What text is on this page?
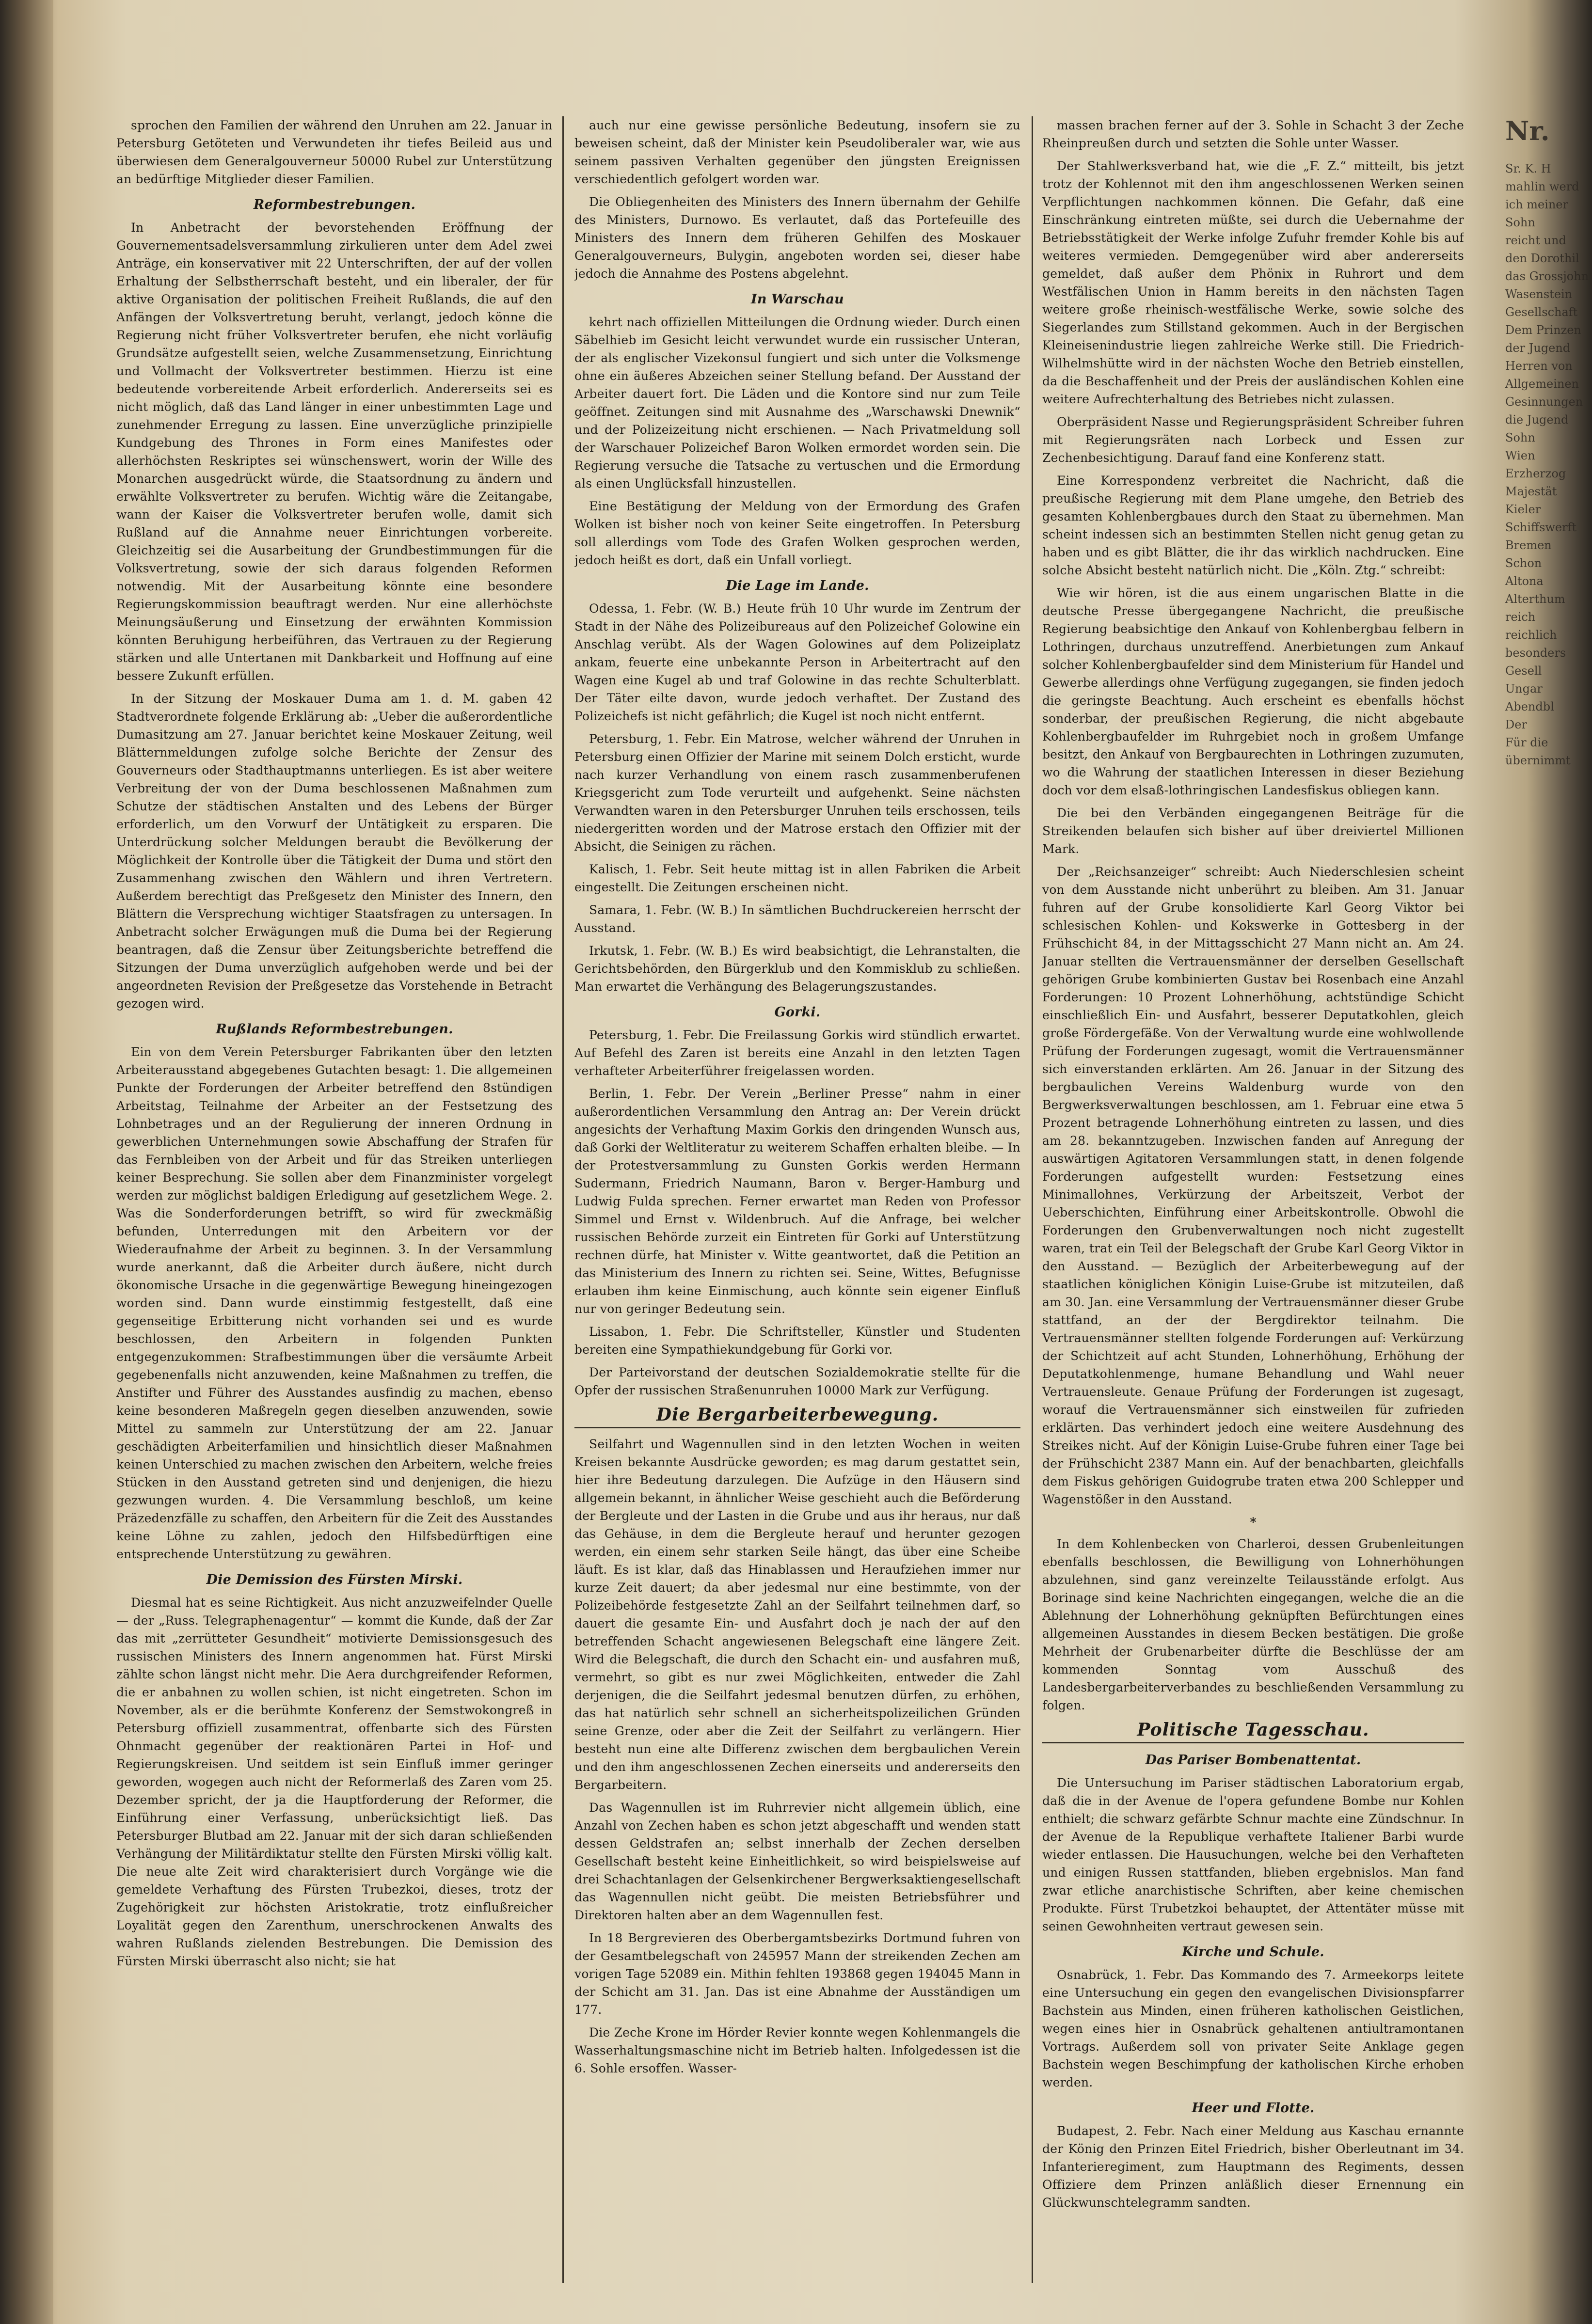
sprochen den Familien der während den Unruhen am 22. Januar in Petersburg Getöteten und Verwundeten ihr tiefes Beileid aus und überwiesen dem Generalgouverneur 50000 Rubel zur Unterstützung an bedürftige Mitglieder dieser Familien.

Reformbestrebungen.

In Anbetracht der bevorstehenden Eröffnung der Gouvernementsadelsversammlung zirkulieren unter dem Adel zwei Anträge, ein konservativer mit 22 Unterschriften, der auf der vollen Erhaltung der Selbstherrschaft besteht, und ein liberaler, der für aktive Organisation der politischen Freiheit Rußlands, die auf den Anfängen der Volksvertretung beruht, verlangt, jedoch könne die Regierung nicht früher Volksvertreter berufen, ehe nicht vorläufig Grundsätze aufgestellt seien, welche Zusammensetzung, Einrichtung und Vollmacht der Volksvertreter bestimmen. Hierzu ist eine bedeutende vorbereitende Arbeit erforderlich. Andererseits sei es nicht möglich, daß das Land länger in einer unbestimmten Lage und zunehmender Erregung zu lassen. Eine unverzügliche prinzipielle Kundgebung des Thrones in Form eines Manifestes oder allerhöchsten Reskriptes sei wünschenswert, worin der Wille des Monarchen ausgedrückt würde, die Staatsordnung zu ändern und erwählte Volksvertreter zu berufen. Wichtig wäre die Zeitangabe, wann der Kaiser die Volksvertreter berufen wolle, damit sich Rußland auf die Annahme neuer Einrichtungen vorbereite. Gleichzeitig sei die Ausarbeitung der Grundbestimmungen für die Volksvertretung, sowie der sich daraus folgenden Reformen notwendig. Mit der Ausarbeitung könnte eine besondere Regierungskommission beauftragt werden. Nur eine allerhöchste Meinungsäußerung und Einsetzung der erwähnten Kommission könnten Beruhigung herbeiführen, das Vertrauen zu der Regierung stärken und alle Untertanen mit Dankbarkeit und Hoffnung auf eine bessere Zukunft erfüllen.

In der Sitzung der Moskauer Duma am 1. d. M. gaben 42 Stadtverordnete folgende Erklärung ab: „Ueber die außerordentliche Dumasitzung am 27. Januar berichtet keine Moskauer Zeitung, weil Blätternmeldungen zufolge solche Berichte der Zensur des Gouverneurs oder Stadthauptmanns unterliegen. Es ist aber weitere Verbreitung der von der Duma beschlossenen Maßnahmen zum Schutze der städtischen Anstalten und des Lebens der Bürger erforderlich, um den Vorwurf der Untätigkeit zu ersparen. Die Unterdrückung solcher Meldungen beraubt die Bevölkerung der Möglichkeit der Kontrolle über die Tätigkeit der Duma und stört den Zusammenhang zwischen den Wählern und ihren Vertretern. Außerdem berechtigt das Preßgesetz den Minister des Innern, den Blättern die Versprechung wichtiger Staatsfragen zu untersagen. In Anbetracht solcher Erwägungen muß die Duma bei der Regierung beantragen, daß die Zensur über Zeitungsberichte betreffend die Sitzungen der Duma unverzüglich aufgehoben werde und bei der angeordneten Revision der Preßgesetze das Vorstehende in Betracht gezogen wird.

Rußlands Reformbestrebungen.

Ein von dem Verein Petersburger Fabrikanten über den letzten Arbeiterausstand abgegebenes Gutachten besagt: 1. Die allgemeinen Punkte der Forderungen der Arbeiter betreffend den 8stündigen Arbeitstag, Teilnahme der Arbeiter an der Festsetzung des Lohnbetrages und an der Regulierung der inneren Ordnung in gewerblichen Unternehmungen sowie Abschaffung der Strafen für das Fernbleiben von der Arbeit und für das Streiken unterliegen keiner Besprechung. Sie sollen aber dem Finanzminister vorgelegt werden zur möglichst baldigen Erledigung auf gesetzlichem Wege. 2. Was die Sonderforderungen betrifft, so wird für zweckmäßig befunden, Unterredungen mit den Arbeitern vor der Wiederaufnahme der Arbeit zu beginnen. 3. In der Versammlung wurde anerkannt, daß die Arbeiter durch äußere, nicht durch ökonomische Ursache in die gegenwärtige Bewegung hineingezogen worden sind. Dann wurde einstimmig festgestellt, daß eine gegenseitige Erbitterung nicht vorhanden sei und es wurde beschlossen, den Arbeitern in folgenden Punkten entgegenzukommen: Strafbestimmungen über die versäumte Arbeit gegebenenfalls nicht anzuwenden, keine Maßnahmen zu treffen, die Anstifter und Führer des Ausstandes ausfindig zu machen, ebenso keine besonderen Maßregeln gegen dieselben anzuwenden, sowie Mittel zu sammeln zur Unterstützung der am 22. Januar geschädigten Arbeiterfamilien und hinsichtlich dieser Maßnahmen keinen Unterschied zu machen zwischen den Arbeitern, welche freies Stücken in den Ausstand getreten sind und denjenigen, die hiezu gezwungen wurden. 4. Die Versammlung beschloß, um keine Präzedenzfälle zu schaffen, den Arbeitern für die Zeit des Ausstandes keine Löhne zu zahlen, jedoch den Hilfsbedürftigen eine entsprechende Unterstützung zu gewähren.

Die Demission des Fürsten Mirski.

Diesmal hat es seine Richtigkeit. Aus nicht anzuzweifelnder Quelle — der „Russ. Telegraphenagentur“ — kommt die Kunde, daß der Zar das mit „zerrütteter Gesundheit“ motivierte Demissionsgesuch des russischen Ministers des Innern angenommen hat. Fürst Mirski zählte schon längst nicht mehr. Die Aera durchgreifender Reformen, die er anbahnen zu wollen schien, ist nicht eingetreten. Schon im November, als er die berühmte Konferenz der Semstwokongreß in Petersburg offiziell zusammentrat, offenbarte sich des Fürsten Ohnmacht gegenüber der reaktionären Partei in Hof- und Regierungskreisen. Und seitdem ist sein Einfluß immer geringer geworden, wogegen auch nicht der Reformerlaß des Zaren vom 25. Dezember spricht, der ja die Hauptforderung der Reformer, die Einführung einer Verfassung, unberücksichtigt ließ. Das Petersburger Blutbad am 22. Januar mit der sich daran schließenden Verhängung der Militärdiktatur stellte den Fürsten Mirski völlig kalt. Die neue alte Zeit wird charakterisiert durch Vorgänge wie die gemeldete Verhaftung des Fürsten Trubezkoi, dieses, trotz der Zugehörigkeit zur höchsten Aristokratie, trotz einflußreicher Loyalität gegen den Zarenthum, unerschrockenen Anwalts des wahren Rußlands zielenden Bestrebungen. Die Demission des Fürsten Mirski überrascht also nicht; sie hat

auch nur eine gewisse persönliche Bedeutung, insofern sie zu beweisen scheint, daß der Minister kein Pseudoliberaler war, wie aus seinem passiven Verhalten gegenüber den jüngsten Ereignissen verschiedentlich gefolgert worden war.

Die Obliegenheiten des Ministers des Innern übernahm der Gehilfe des Ministers, Durnowo. Es verlautet, daß das Portefeuille des Ministers des Innern dem früheren Gehilfen des Moskauer Generalgouverneurs, Bulygin, angeboten worden sei, dieser habe jedoch die Annahme des Postens abgelehnt.

In Warschau

kehrt nach offiziellen Mitteilungen die Ordnung wieder. Durch einen Säbelhieb im Gesicht leicht verwundet wurde ein russischer Unteran, der als englischer Vizekonsul fungiert und sich unter die Volksmenge ohne ein äußeres Abzeichen seiner Stellung befand. Der Ausstand der Arbeiter dauert fort. Die Läden und die Kontore sind nur zum Teile geöffnet. Zeitungen sind mit Ausnahme des „Warschawski Dnewnik“ und der Polizeizeitung nicht erschienen. — Nach Privatmeldung soll der Warschauer Polizeichef Baron Wolken ermordet worden sein. Die Regierung versuche die Tatsache zu vertuschen und die Ermordung als einen Unglücksfall hinzustellen.

Eine Bestätigung der Meldung von der Ermordung des Grafen Wolken ist bisher noch von keiner Seite eingetroffen. In Petersburg soll allerdings vom Tode des Grafen Wolken gesprochen werden, jedoch heißt es dort, daß ein Unfall vorliegt.

Die Lage im Lande.

Odessa, 1. Febr. (W. B.) Heute früh 10 Uhr wurde im Zentrum der Stadt in der Nähe des Polizeibureaus auf den Polizeichef Golowine ein Anschlag verübt. Als der Wagen Golowines auf dem Polizeiplatz ankam, feuerte eine unbekannte Person in Arbeitertracht auf den Wagen eine Kugel ab und traf Golowine in das rechte Schulterblatt. Der Täter eilte davon, wurde jedoch verhaftet. Der Zustand des Polizeichefs ist nicht gefährlich; die Kugel ist noch nicht entfernt.

Petersburg, 1. Febr. Ein Matrose, welcher während der Unruhen in Petersburg einen Offizier der Marine mit seinem Dolch ersticht, wurde nach kurzer Verhandlung von einem rasch zusammenberufenen Kriegsgericht zum Tode verurteilt und aufgehenkt. Seine nächsten Verwandten waren in den Petersburger Unruhen teils erschossen, teils niedergeritten worden und der Matrose erstach den Offizier mit der Absicht, die Seinigen zu rächen.

Kalisch, 1. Febr. Seit heute mittag ist in allen Fabriken die Arbeit eingestellt. Die Zeitungen erscheinen nicht.

Samara, 1. Febr. (W. B.) In sämtlichen Buchdruckereien herrscht der Ausstand.

Irkutsk, 1. Febr. (W. B.) Es wird beabsichtigt, die Lehranstalten, die Gerichtsbehörden, den Bürgerklub und den Kommisklub zu schließen. Man erwartet die Verhängung des Belagerungszustandes.

Gorki.

Petersburg, 1. Febr. Die Freilassung Gorkis wird stündlich erwartet. Auf Befehl des Zaren ist bereits eine Anzahl in den letzten Tagen verhafteter Arbeiterführer freigelassen worden.

Berlin, 1. Febr. Der Verein „Berliner Presse“ nahm in einer außerordentlichen Versammlung den Antrag an: Der Verein drückt angesichts der Verhaftung Maxim Gorkis den dringenden Wunsch aus, daß Gorki der Weltliteratur zu weiterem Schaffen erhalten bleibe. — In der Protestversammlung zu Gunsten Gorkis werden Hermann Sudermann, Friedrich Naumann, Baron v. Berger-Hamburg und Ludwig Fulda sprechen. Ferner erwartet man Reden von Professor Simmel und Ernst v. Wildenbruch. Auf die Anfrage, bei welcher russischen Behörde zurzeit ein Eintreten für Gorki auf Unterstützung rechnen dürfe, hat Minister v. Witte geantwortet, daß die Petition an das Ministerium des Innern zu richten sei. Seine, Wittes, Befugnisse erlauben ihm keine Einmischung, auch könnte sein eigener Einfluß nur von geringer Bedeutung sein.

Lissabon, 1. Febr. Die Schriftsteller, Künstler und Studenten bereiten eine Sympathiekundgebung für Gorki vor.

Der Parteivorstand der deutschen Sozialdemokratie stellte für die Opfer der russischen Straßenunruhen 10000 Mark zur Verfügung.

Die Bergarbeiterbewegung.

Seilfahrt und Wagennullen sind in den letzten Wochen in weiten Kreisen bekannte Ausdrücke geworden; es mag darum gestattet sein, hier ihre Bedeutung darzulegen. Die Aufzüge in den Häusern sind allgemein bekannt, in ähnlicher Weise geschieht auch die Beförderung der Bergleute und der Lasten in die Grube und aus ihr heraus, nur daß das Gehäuse, in dem die Bergleute herauf und herunter gezogen werden, ein einem sehr starken Seile hängt, das über eine Scheibe läuft. Es ist klar, daß das Hinablassen und Heraufziehen immer nur kurze Zeit dauert; da aber jedesmal nur eine bestimmte, von der Polizeibehörde festgesetzte Zahl an der Seilfahrt teilnehmen darf, so dauert die gesamte Ein- und Ausfahrt doch je nach der auf den betreffenden Schacht angewiesenen Belegschaft eine längere Zeit. Wird die Belegschaft, die durch den Schacht ein- und ausfahren muß, vermehrt, so gibt es nur zwei Möglichkeiten, entweder die Zahl derjenigen, die die Seilfahrt jedesmal benutzen dürfen, zu erhöhen, das hat natürlich sehr schnell an sicherheitspolizeilichen Gründen seine Grenze, oder aber die Zeit der Seilfahrt zu verlängern. Hier besteht nun eine alte Differenz zwischen dem bergbaulichen Verein und den ihm angeschlossenen Zechen einerseits und andererseits den Bergarbeitern.

Das Wagennullen ist im Ruhrrevier nicht allgemein üblich, eine Anzahl von Zechen haben es schon jetzt abgeschafft und wenden statt dessen Geldstrafen an; selbst innerhalb der Zechen derselben Gesellschaft besteht keine Einheitlichkeit, so wird beispielsweise auf drei Schachtanlagen der Gelsenkirchener Bergwerksaktiengesellschaft das Wagennullen nicht geübt. Die meisten Betriebsführer und Direktoren halten aber an dem Wagennullen fest.

In 18 Bergrevieren des Oberbergamtsbezirks Dortmund fuhren von der Gesamtbelegschaft von 245957 Mann der streikenden Zechen am vorigen Tage 52089 ein. Mithin fehlten 193868 gegen 194045 Mann in der Schicht am 31. Jan. Das ist eine Abnahme der Ausständigen um 177.

Die Zeche Krone im Hörder Revier konnte wegen Kohlenmangels die Wasserhaltungsmaschine nicht im Betrieb halten. Infolgedessen ist die 6. Sohle ersoffen. Wasser-

massen brachen ferner auf der 3. Sohle in Schacht 3 der Zeche Rheinpreußen durch und setzten die Sohle unter Wasser.

Der Stahlwerksverband hat, wie die „F. Z.“ mitteilt, bis jetzt trotz der Kohlennot mit den ihm angeschlossenen Werken seinen Verpflichtungen nachkommen können. Die Gefahr, daß eine Einschränkung eintreten müßte, sei durch die Uebernahme der Betriebsstätigkeit der Werke infolge Zufuhr fremder Kohle bis auf weiteres vermieden. Demgegenüber wird aber andererseits gemeldet, daß außer dem Phönix in Ruhrort und dem Westfälischen Union in Hamm bereits in den nächsten Tagen weitere große rheinisch-westfälische Werke, sowie solche des Siegerlandes zum Stillstand gekommen. Auch in der Bergischen Kleineisenindustrie liegen zahlreiche Werke still. Die Friedrich-Wilhelmshütte wird in der nächsten Woche den Betrieb einstellen, da die Beschaffenheit und der Preis der ausländischen Kohlen eine weitere Aufrechterhaltung des Betriebes nicht zulassen.

Oberpräsident Nasse und Regierungspräsident Schreiber fuhren mit Regierungsräten nach Lorbeck und Essen zur Zechenbesichtigung. Darauf fand eine Konferenz statt.

Eine Korrespondenz verbreitet die Nachricht, daß die preußische Regierung mit dem Plane umgehe, den Betrieb des gesamten Kohlenbergbaues durch den Staat zu übernehmen. Man scheint indessen sich an bestimmten Stellen nicht genug getan zu haben und es gibt Blätter, die ihr das wirklich nachdrucken. Eine solche Absicht besteht natürlich nicht. Die „Köln. Ztg.“ schreibt:

Wie wir hören, ist die aus einem ungarischen Blatte in die deutsche Presse übergegangene Nachricht, die preußische Regierung beabsichtige den Ankauf von Kohlenbergbau felbern in Lothringen, durchaus unzutreffend. Anerbietungen zum Ankauf solcher Kohlenbergbaufelder sind dem Ministerium für Handel und Gewerbe allerdings ohne Verfügung zugegangen, sie finden jedoch die geringste Beachtung. Auch erscheint es ebenfalls höchst sonderbar, der preußischen Regierung, die nicht abgebaute Kohlenbergbaufelder im Ruhrgebiet noch in großem Umfange besitzt, den Ankauf von Bergbaurechten in Lothringen zuzumuten, wo die Wahrung der staatlichen Interessen in dieser Beziehung doch vor dem elsaß-lothringischen Landesfiskus obliegen kann.

Die bei den Verbänden eingegangenen Beiträge für die Streikenden belaufen sich bisher auf über dreiviertel Millionen Mark.

Der „Reichsanzeiger“ schreibt: Auch Niederschlesien scheint von dem Ausstande nicht unberührt zu bleiben. Am 31. Januar fuhren auf der Grube konsolidierte Karl Georg Viktor bei schlesischen Kohlen- und Kokswerke in Gottesberg in der Frühschicht 84, in der Mittagsschicht 27 Mann nicht an. Am 24. Januar stellten die Vertrauensmänner der derselben Gesellschaft gehörigen Grube kombinierten Gustav bei Rosenbach eine Anzahl Forderungen: 10 Prozent Lohnerhöhung, achtstündige Schicht einschließlich Ein- und Ausfahrt, besserer Deputatkohlen, gleich große Fördergefäße. Von der Verwaltung wurde eine wohlwollende Prüfung der Forderungen zugesagt, womit die Vertrauensmänner sich einverstanden erklärten. Am 26. Januar in der Sitzung des bergbaulichen Vereins Waldenburg wurde von den Bergwerksverwaltungen beschlossen, am 1. Februar eine etwa 5 Prozent betragende Lohnerhöhung eintreten zu lassen, und dies am 28. bekanntzugeben. Inzwischen fanden auf Anregung der auswärtigen Agitatoren Versammlungen statt, in denen folgende Forderungen aufgestellt wurden: Festsetzung eines Minimallohnes, Verkürzung der Arbeitszeit, Verbot der Ueberschichten, Einführung einer Arbeitskontrolle. Obwohl die Forderungen den Grubenverwaltungen noch nicht zugestellt waren, trat ein Teil der Belegschaft der Grube Karl Georg Viktor in den Ausstand. — Bezüglich der Arbeiterbewegung auf der staatlichen königlichen Königin Luise-Grube ist mitzuteilen, daß am 30. Jan. eine Versammlung der Vertrauensmänner dieser Grube stattfand, an der der Bergdirektor teilnahm. Die Vertrauensmänner stellten folgende Forderungen auf: Verkürzung der Schichtzeit auf acht Stunden, Lohnerhöhung, Erhöhung der Deputatkohlenmenge, humane Behandlung und Wahl neuer Vertrauensleute. Genaue Prüfung der Forderungen ist zugesagt, worauf die Vertrauensmänner sich einstweilen für zufrieden erklärten. Das verhindert jedoch eine weitere Ausdehnung des Streikes nicht. Auf der Königin Luise-Grube fuhren einer Tage bei der Frühschicht 2387 Mann ein. Auf der benachbarten, gleichfalls dem Fiskus gehörigen Guidogrube traten etwa 200 Schlepper und Wagenstößer in den Ausstand.

*

In dem Kohlenbecken von Charleroi, dessen Grubenleitungen ebenfalls beschlossen, die Bewilligung von Lohnerhöhungen abzulehnen, sind ganz vereinzelte Teilausstände erfolgt. Aus Borinage sind keine Nachrichten eingegangen, welche die an die Ablehnung der Lohnerhöhung geknüpften Befürchtungen eines allgemeinen Ausstandes in diesem Becken bestätigen. Die große Mehrheit der Grubenarbeiter dürfte die Beschlüsse der am kommenden Sonntag vom Ausschuß des Landesbergarbeiterverbandes zu beschließenden Versammlung zu folgen.

Politische Tagesschau.
Das Pariser Bombenattentat.

Die Untersuchung im Pariser städtischen Laboratorium ergab, daß die in der Avenue de l'opera gefundene Bombe nur Kohlen enthielt; die schwarz gefärbte Schnur machte eine Zündschnur. In der Avenue de la Republique verhaftete Italiener Barbi wurde wieder entlassen. Die Hausuchungen, welche bei den Verhafteten und einigen Russen stattfanden, blieben ergebnislos. Man fand zwar etliche anarchistische Schriften, aber keine chemischen Produkte. Fürst Trubetzkoi behauptet, der Attentäter müsse mit seinen Gewohnheiten vertraut gewesen sein.

Kirche und Schule.

Osnabrück, 1. Febr. Das Kommando des 7. Armeekorps leitete eine Untersuchung ein gegen den evangelischen Divisionspfarrer Bachstein aus Minden, einen früheren katholischen Geistlichen, wegen eines hier in Osnabrück gehaltenen antiultramontanen Vortrags. Außerdem soll von privater Seite Anklage gegen Bachstein wegen Beschimpfung der katholischen Kirche erhoben werden.

Heer und Flotte.

Budapest, 2. Febr. Nach einer Meldung aus Kaschau ernannte der König den Prinzen Eitel Friedrich, bisher Oberleutnant im 34. Infanterieregiment, zum Hauptmann des Regiments, dessen Offiziere dem Prinzen anläßlich dieser Ernennung ein Glückwunschtelegramm sandten.

Nr.
Sr. K. H
mahlin werd
ich meiner
Sohn
reicht und
den Dorothil
das Grossjohn
Wasenstein
Gesellschaft
Dem Prinzen
der Jugend
Herren von
Allgemeinen
Gesinnungen
die Jugend
Sohn
Wien
Erzherzog
Majestät
Kieler
Schiffswerft
Bremen
Schon
Altona
Alterthum
reich
reichlich
besonders
Gesell
Ungar
Abendbl
Der
Für die
übernimmt
